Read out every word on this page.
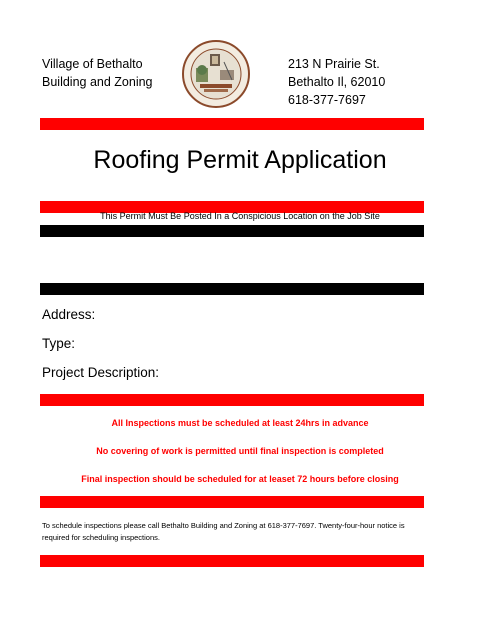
Village of Bethalto
Building and Zoning
213 N Prairie St.
Bethalto Il, 62010
618-377-7697
Roofing Permit Application
This Permit Must Be Posted In a Conspicious Location on the Job Site
Address:
Type:
Project Description:
All Inspections must be scheduled at least 24hrs in advance
No covering of work is permitted until final inspection is completed
Final inspection should be scheduled for at leaset 72 hours before closing
To schedule inspections please call Bethalto Building and Zoning at 618-377-7697. Twenty-four-hour notice is required for scheduling inspections.
